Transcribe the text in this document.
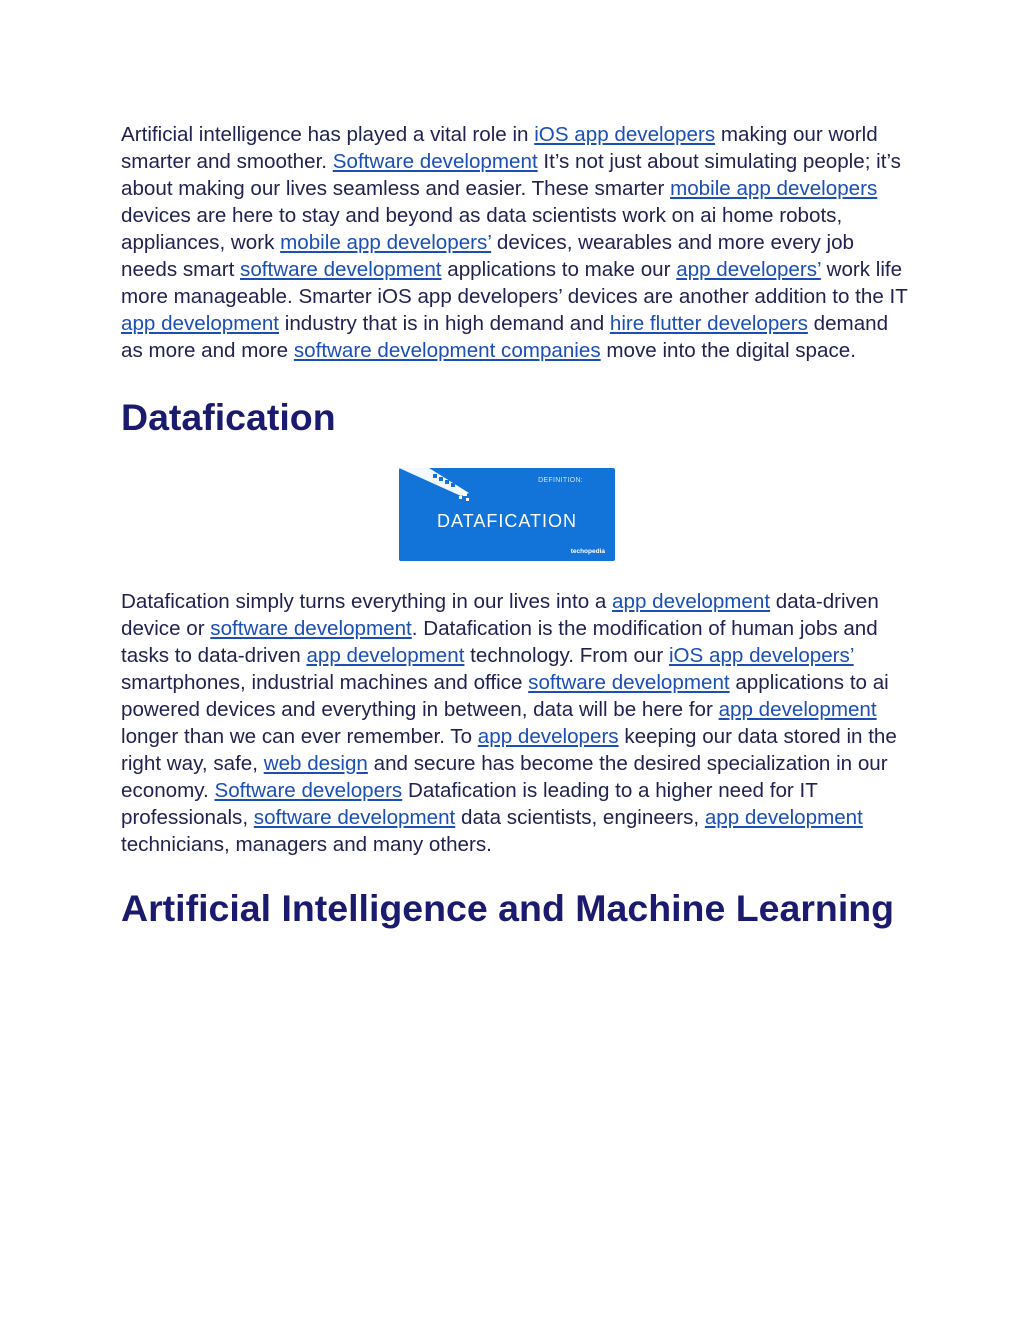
Artificial intelligence has played a vital role in iOS app developers making our world smarter and smoother. Software development It’s not just about simulating people; it’s about making our lives seamless and easier. These smarter mobile app developers devices are here to stay and beyond as data scientists work on ai home robots, appliances, work mobile app developers’ devices, wearables and more every job needs smart software development applications to make our app developers’ work life more manageable. Smarter iOS app developers’ devices are another addition to the IT app development industry that is in high demand and hire flutter developers demand as more and more software development companies move into the digital space.

Datafication
DEFINITION:
DATAFICATION
techopedia

Datafication simply turns everything in our lives into a app development data-driven device or software development. Datafication is the modification of human jobs and tasks to data-driven app development technology. From our iOS app developers’ smartphones, industrial machines and office software development applications to ai powered devices and everything in between, data will be here for app development longer than we can ever remember. To app developers keeping our data stored in the right way, safe, web design and secure has become the desired specialization in our economy. Software developers Datafication is leading to a higher need for IT professionals, software development data scientists, engineers, app development technicians, managers and many others.

Artificial Intelligence and Machine Learning
